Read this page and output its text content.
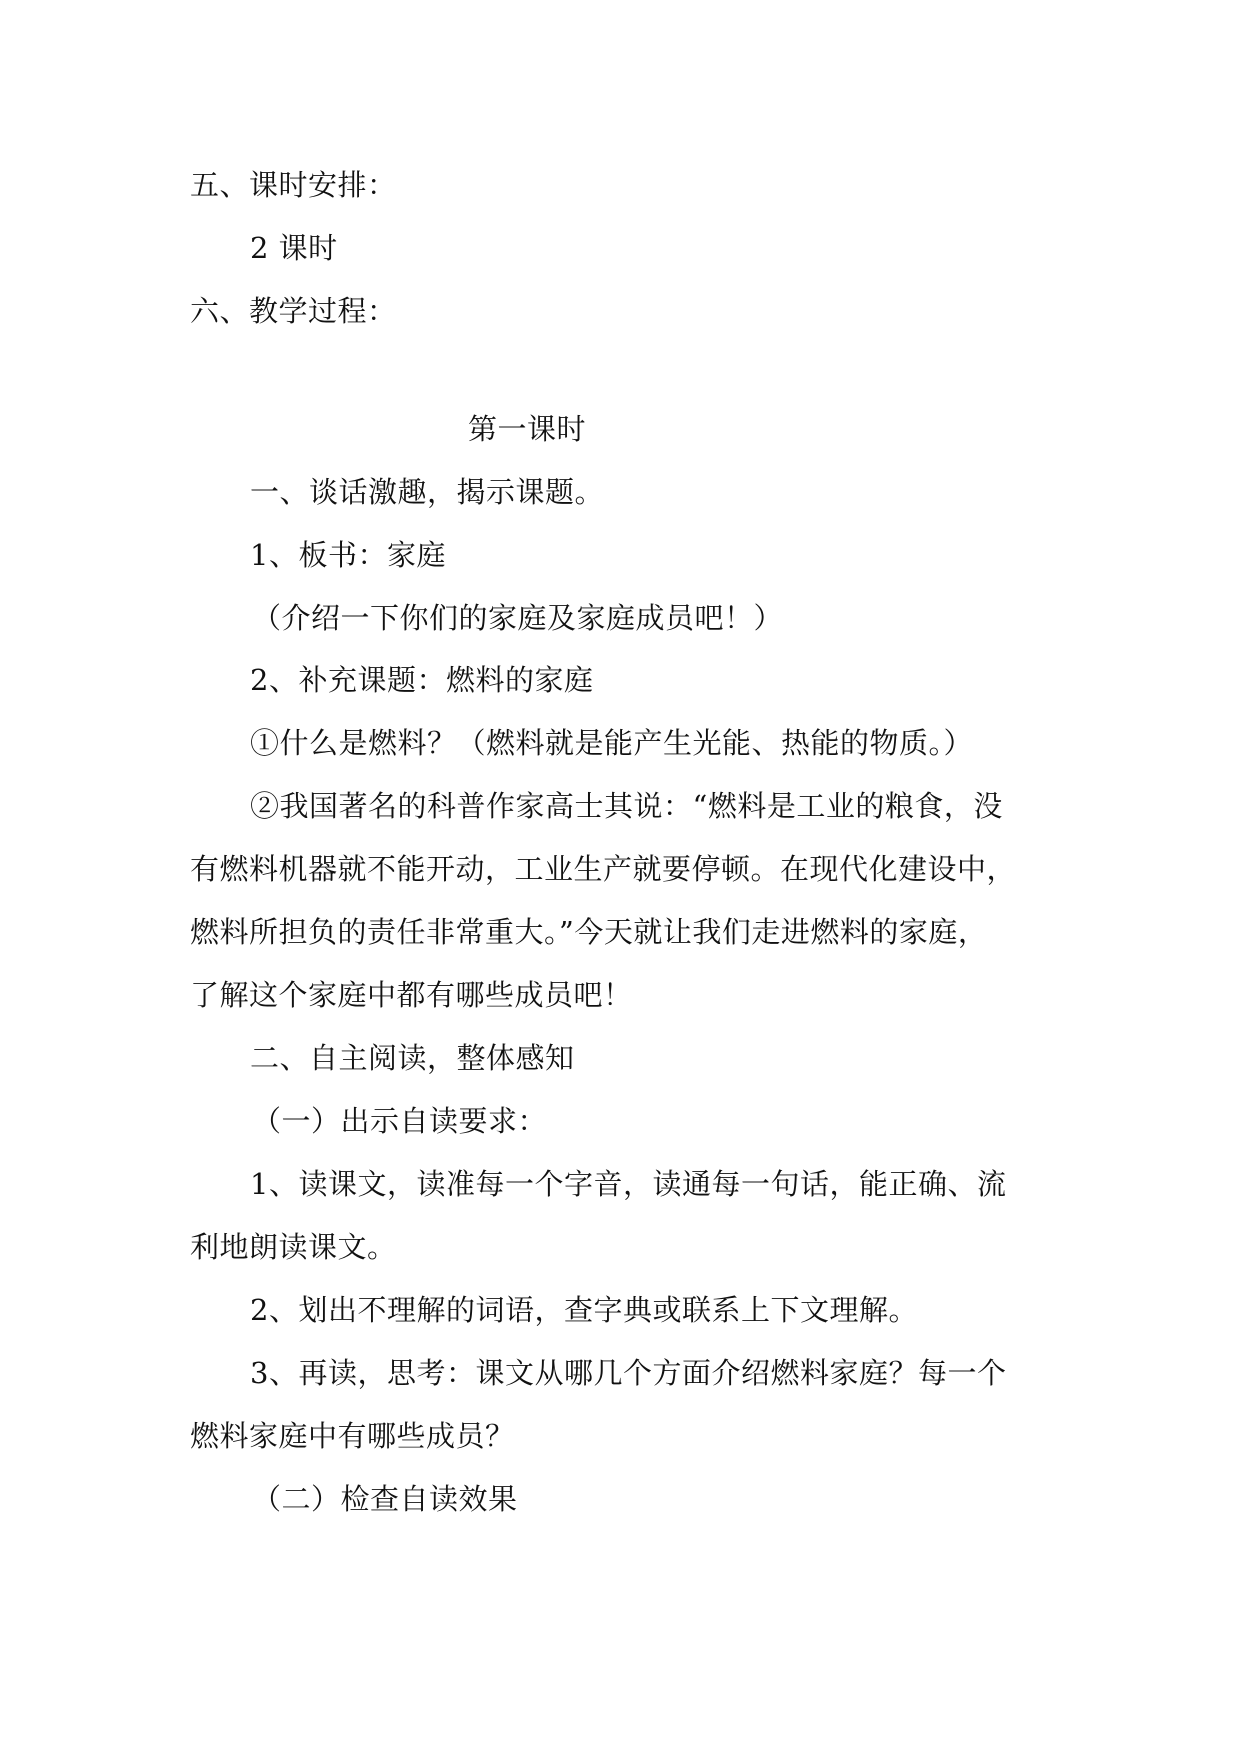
五、课时安排：
2 课时
六、教学过程：
第一课时
一、谈话激趣，揭示课题。
1、板书：家庭
（介绍一下你们的家庭及家庭成员吧！）
2、补充课题：燃料的家庭
①什么是燃料？（燃料就是能产生光能、热能的物质。）
②我国著名的科普作家高士其说：“燃料是工业的粮食，没
有燃料机器就不能开动，工业生产就要停顿。在现代化建设中，
燃料所担负的责任非常重大。”今天就让我们走进燃料的家庭，
了解这个家庭中都有哪些成员吧！
二、自主阅读，整体感知
（一）出示自读要求：
1、读课文，读准每一个字音，读通每一句话，能正确、流
利地朗读课文。
2、划出不理解的词语，查字典或联系上下文理解。
3、再读，思考：课文从哪几个方面介绍燃料家庭？每一个
燃料家庭中有哪些成员？
（二）检查自读效果
